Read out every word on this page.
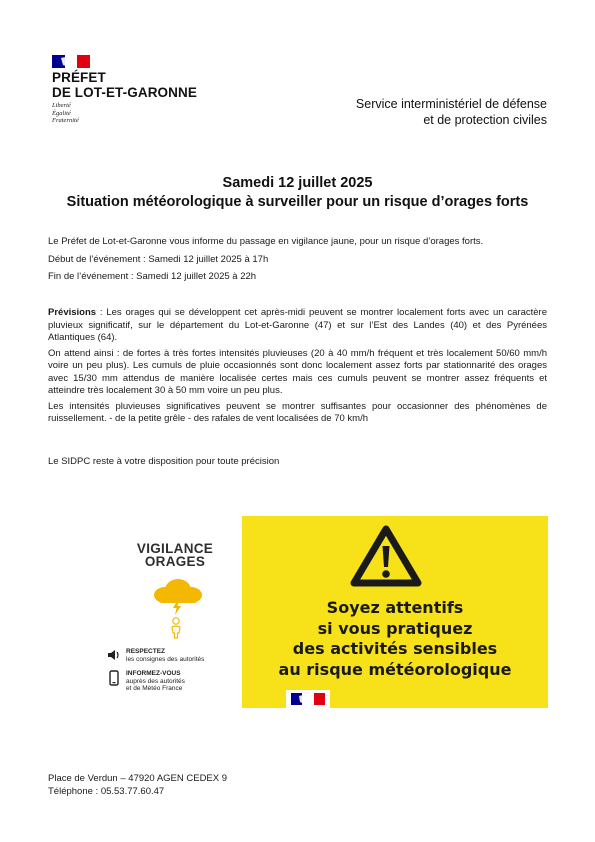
PRÉFET
DE LOT-ET-GARONNE
Liberté
Égalité
Fraternité
Service interministériel de défense
et de protection civiles
Samedi 12 juillet 2025
Situation météorologique à surveiller pour un risque d’orages forts

Le Préfet de Lot-et-Garonne vous informe du passage en vigilance jaune, pour un risque d’orages forts.

Début de l’événement : Samedi 12 juillet 2025 à 17h

Fin de l’événement : Samedi 12 juillet 2025 à 22h

Prévisions : Les orages qui se développent cet après-midi peuvent se montrer localement forts avec un caractère pluvieux significatif, sur le département du Lot-et-Garonne (47) et sur l’Est des Landes (40) et des Pyrénées Atlantiques (64).

On attend ainsi : de fortes à très fortes intensités pluvieuses (20 à 40 mm/h fréquent et très localement 50/60 mm/h voire un peu plus). Les cumuls de pluie occasionnés sont donc localement assez forts par stationnarité des orages avec 15/30 mm attendus de manière localisée certes mais ces cumuls peuvent se montrer assez fréquents et atteindre très localement 30 à 50 mm voire un peu plus.

Les intensités pluvieuses significatives peuvent se montrer suffisantes pour occasionner des phénomènes de ruissellement. - de la petite grêle - des rafales de vent localisées de 70 km/h

Le SIDPC reste à votre disposition pour toute précision

VIGILANCE
ORAGES
RESPECTEZ
les consignes des autorités
INFORMEZ-VOUS
auprès des autorités
et de Météo France
Soyez attentifs
si vous pratiquez
des activités sensibles
au risque météorologique
Place de Verdun – 47920 AGEN CEDEX 9
Téléphone : 05.53.77.60.47
